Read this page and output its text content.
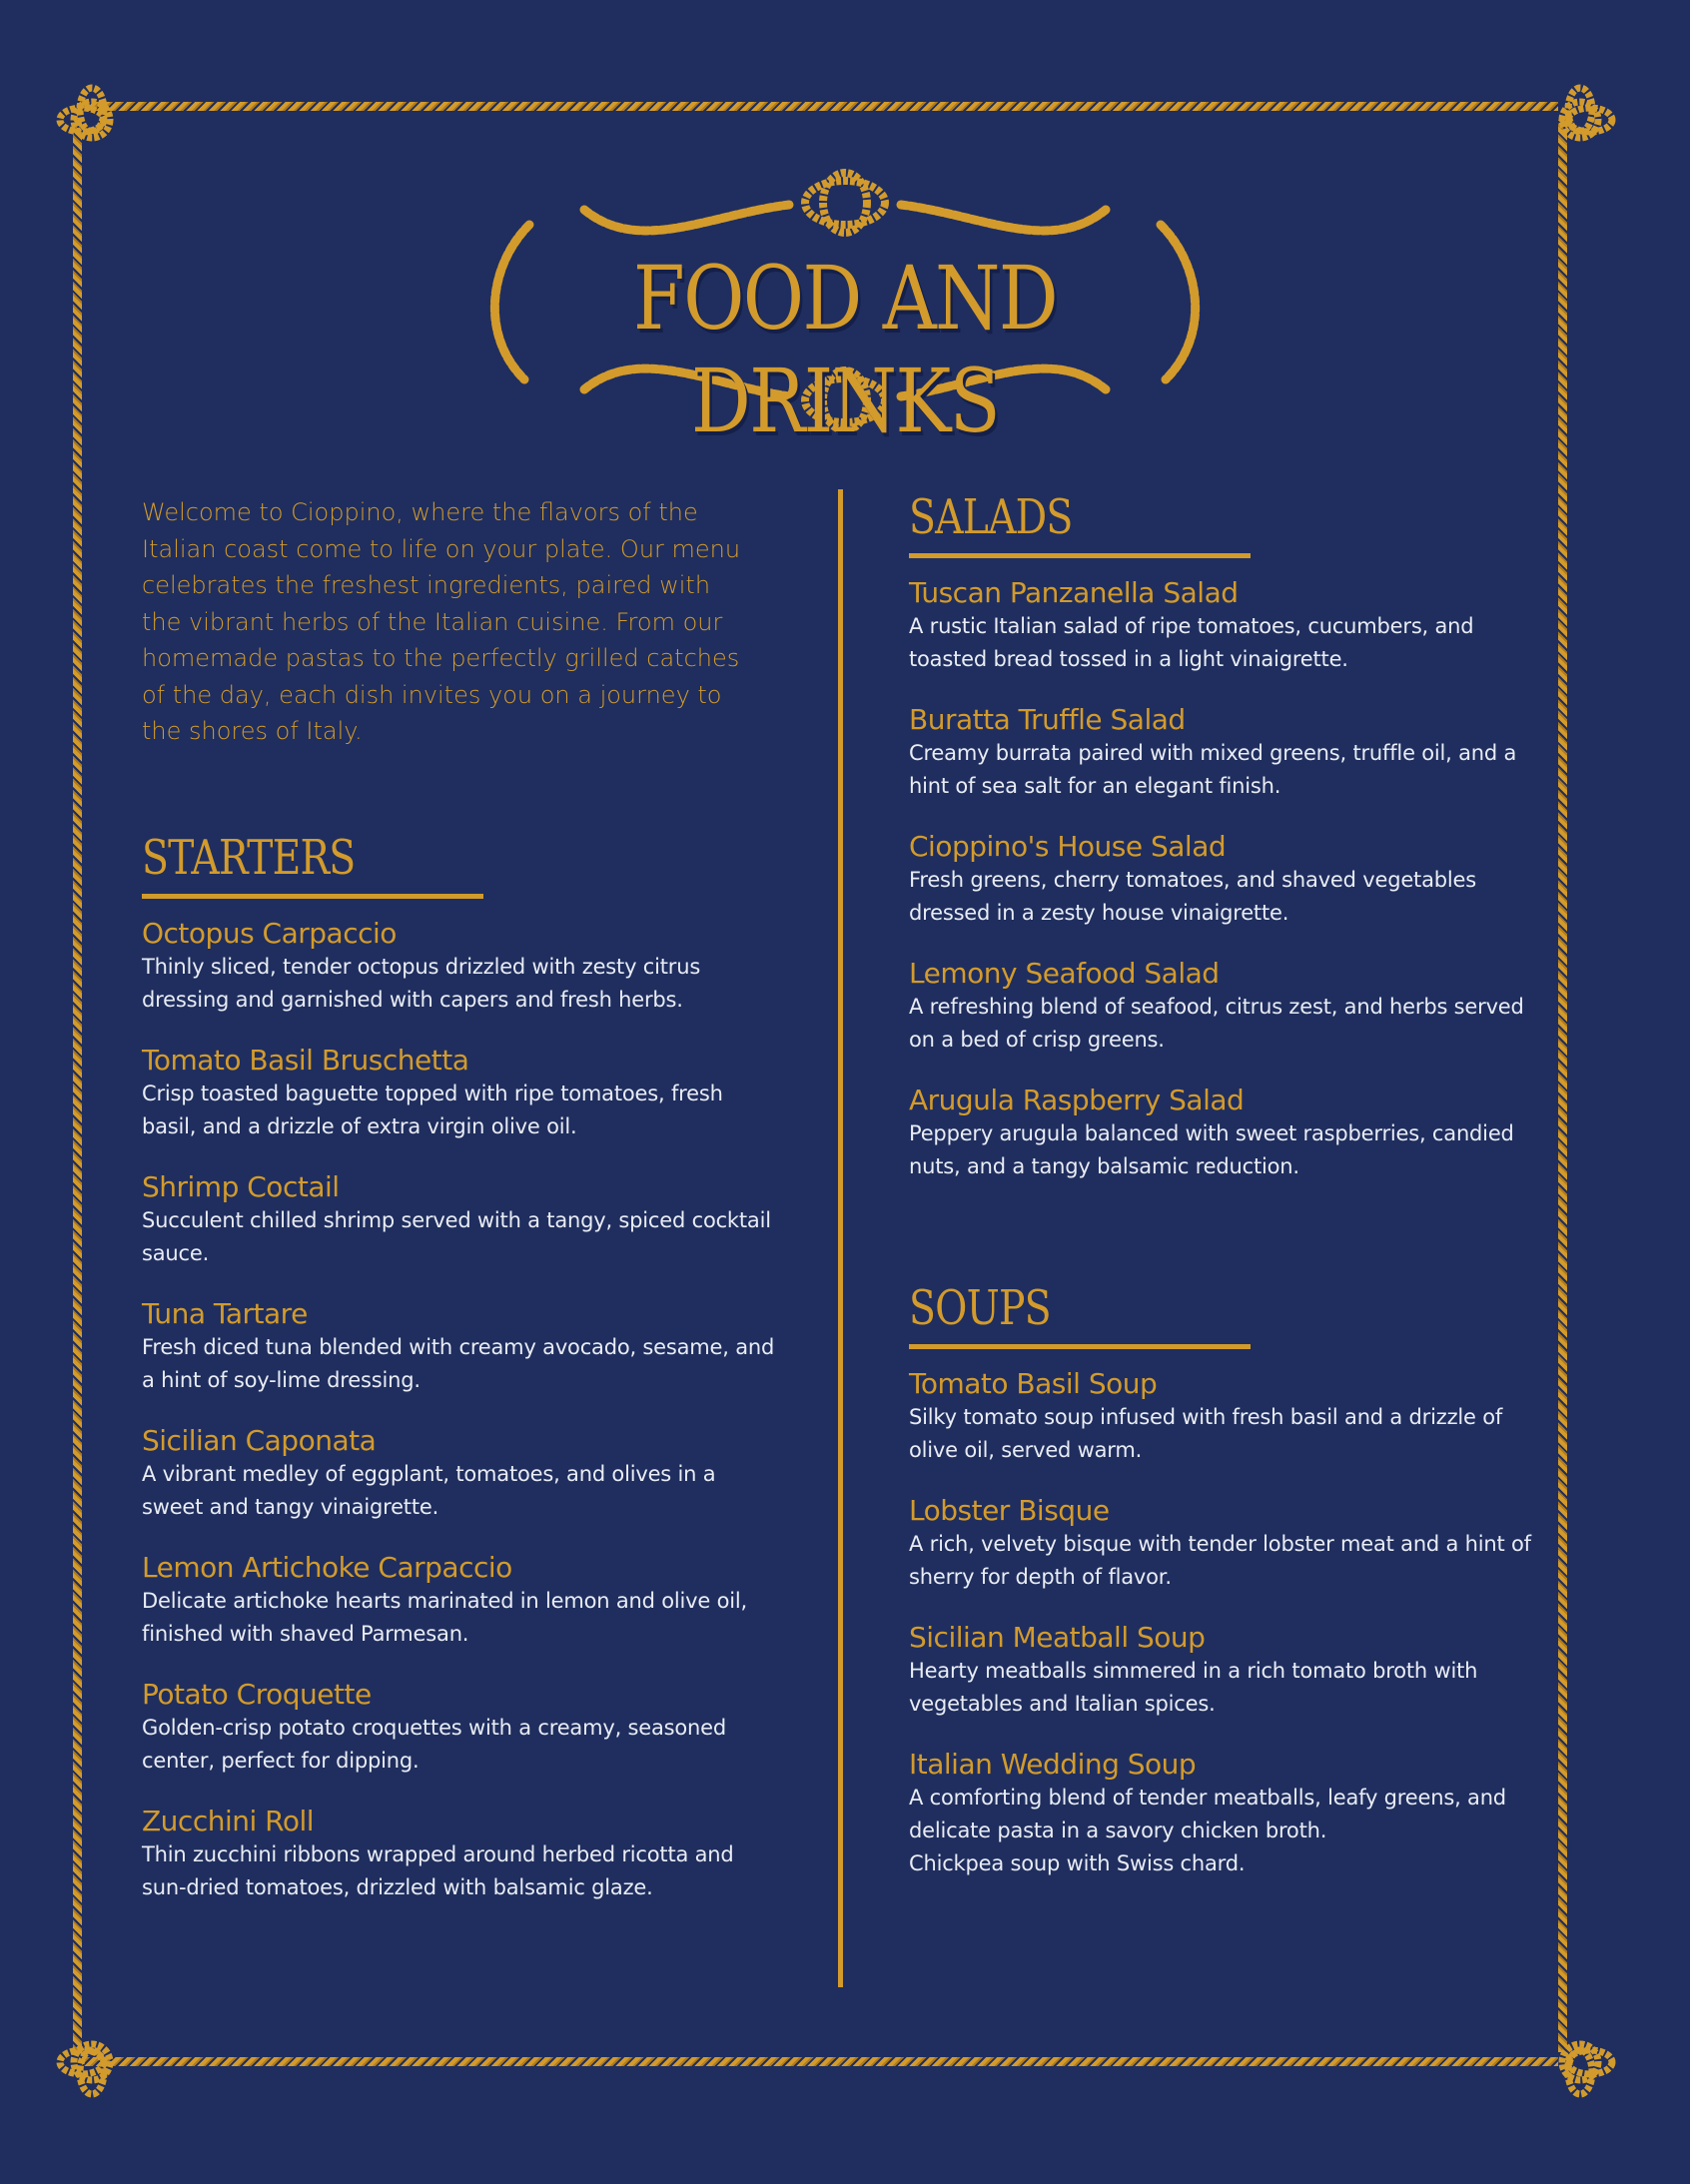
FOOD AND DRINKS

Welcome to Cioppino, where the flavors of the Italian coast come to life on your plate. Our menu celebrates the freshest ingredients, paired with the vibrant herbs of the Italian cuisine. From our homemade pastas to the perfectly grilled catches of the day, each dish invites you on a journey to the shores of Italy.

STARTERS

Octopus Carpaccio

Thinly sliced, tender octopus drizzled with zesty citrus dressing and garnished with capers and fresh herbs.

Tomato Basil Bruschetta

Crisp toasted baguette topped with ripe tomatoes, fresh basil, and a drizzle of extra virgin olive oil.

Shrimp Coctail

Succulent chilled shrimp served with a tangy, spiced cocktail sauce.

Tuna Tartare

Fresh diced tuna blended with creamy avocado, sesame, and a hint of soy-lime dressing.

Sicilian Caponata

A vibrant medley of eggplant, tomatoes, and olives in a sweet and tangy vinaigrette.

Lemon Artichoke Carpaccio

Delicate artichoke hearts marinated in lemon and olive oil, finished with shaved Parmesan.

Potato Croquette

Golden-crisp potato croquettes with a creamy, seasoned center, perfect for dipping.

Zucchini Roll

Thin zucchini ribbons wrapped around herbed ricotta and sun-dried tomatoes, drizzled with balsamic glaze.

SALADS

Tuscan Panzanella Salad

A rustic Italian salad of ripe tomatoes, cucumbers, and toasted bread tossed in a light vinaigrette.

Buratta Truffle Salad

Creamy burrata paired with mixed greens, truffle oil, and a hint of sea salt for an elegant finish.

Cioppino's House Salad

Fresh greens, cherry tomatoes, and shaved vegetables dressed in a zesty house vinaigrette.

Lemony Seafood Salad

A refreshing blend of seafood, citrus zest, and herbs served on a bed of crisp greens.

Arugula Raspberry Salad

Peppery arugula balanced with sweet raspberries, candied nuts, and a tangy balsamic reduction.

SOUPS

Tomato Basil Soup

Silky tomato soup infused with fresh basil and a drizzle of olive oil, served warm.

Lobster Bisque

A rich, velvety bisque with tender lobster meat and a hint of sherry for depth of flavor.

Sicilian Meatball Soup

Hearty meatballs simmered in a rich tomato broth with vegetables and Italian spices.

Italian Wedding Soup

A comforting blend of tender meatballs, leafy greens, and delicate pasta in a savory chicken broth.

Chickpea soup with Swiss chard.
